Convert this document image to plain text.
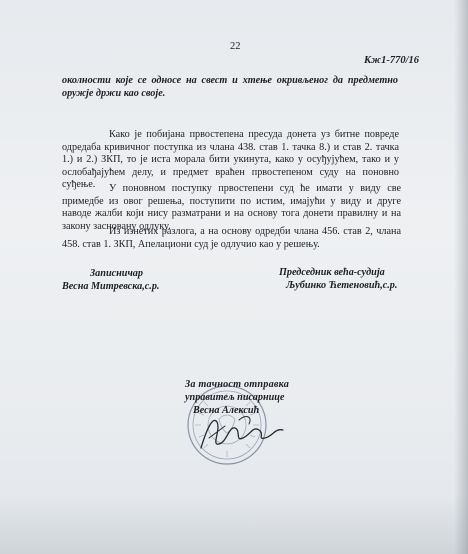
22
Кж1-770/16
околности које се односе на свест и хтење окривљеног да предметно оружје држи као своје.
Како је побијана првостепена пресуда донета уз битне повреде одредаба кривичног поступка из члана 438. став 1. тачка 8.) и став 2. тачка 1.) и 2.) ЗКП, то је иста морала бити укинута, како у осуђујућем, тако и у ослобађајућем делу, и предмет враћен првостепеном суду на поновно суђење.	У поновном поступку првостепени суд ће имати у виду све примедбе из овог решења, поступити по истим, имајући у виду и друге наводе жалби који нису разматрани и на основу тога донети правилну и на закону засновану одлуку.
Из изнетих разлога, а на основу одредби члана 456. став 2, члана 458. став 1. ЗКП, Апелациони суд је одлучио као у решењу.
Записничар
Весна Митревска,с.р.
Председник већа-судија
Љубинко Ћетеновић,с.р.
За тачност отправка
управитељ писарнице
Весна Алексић
